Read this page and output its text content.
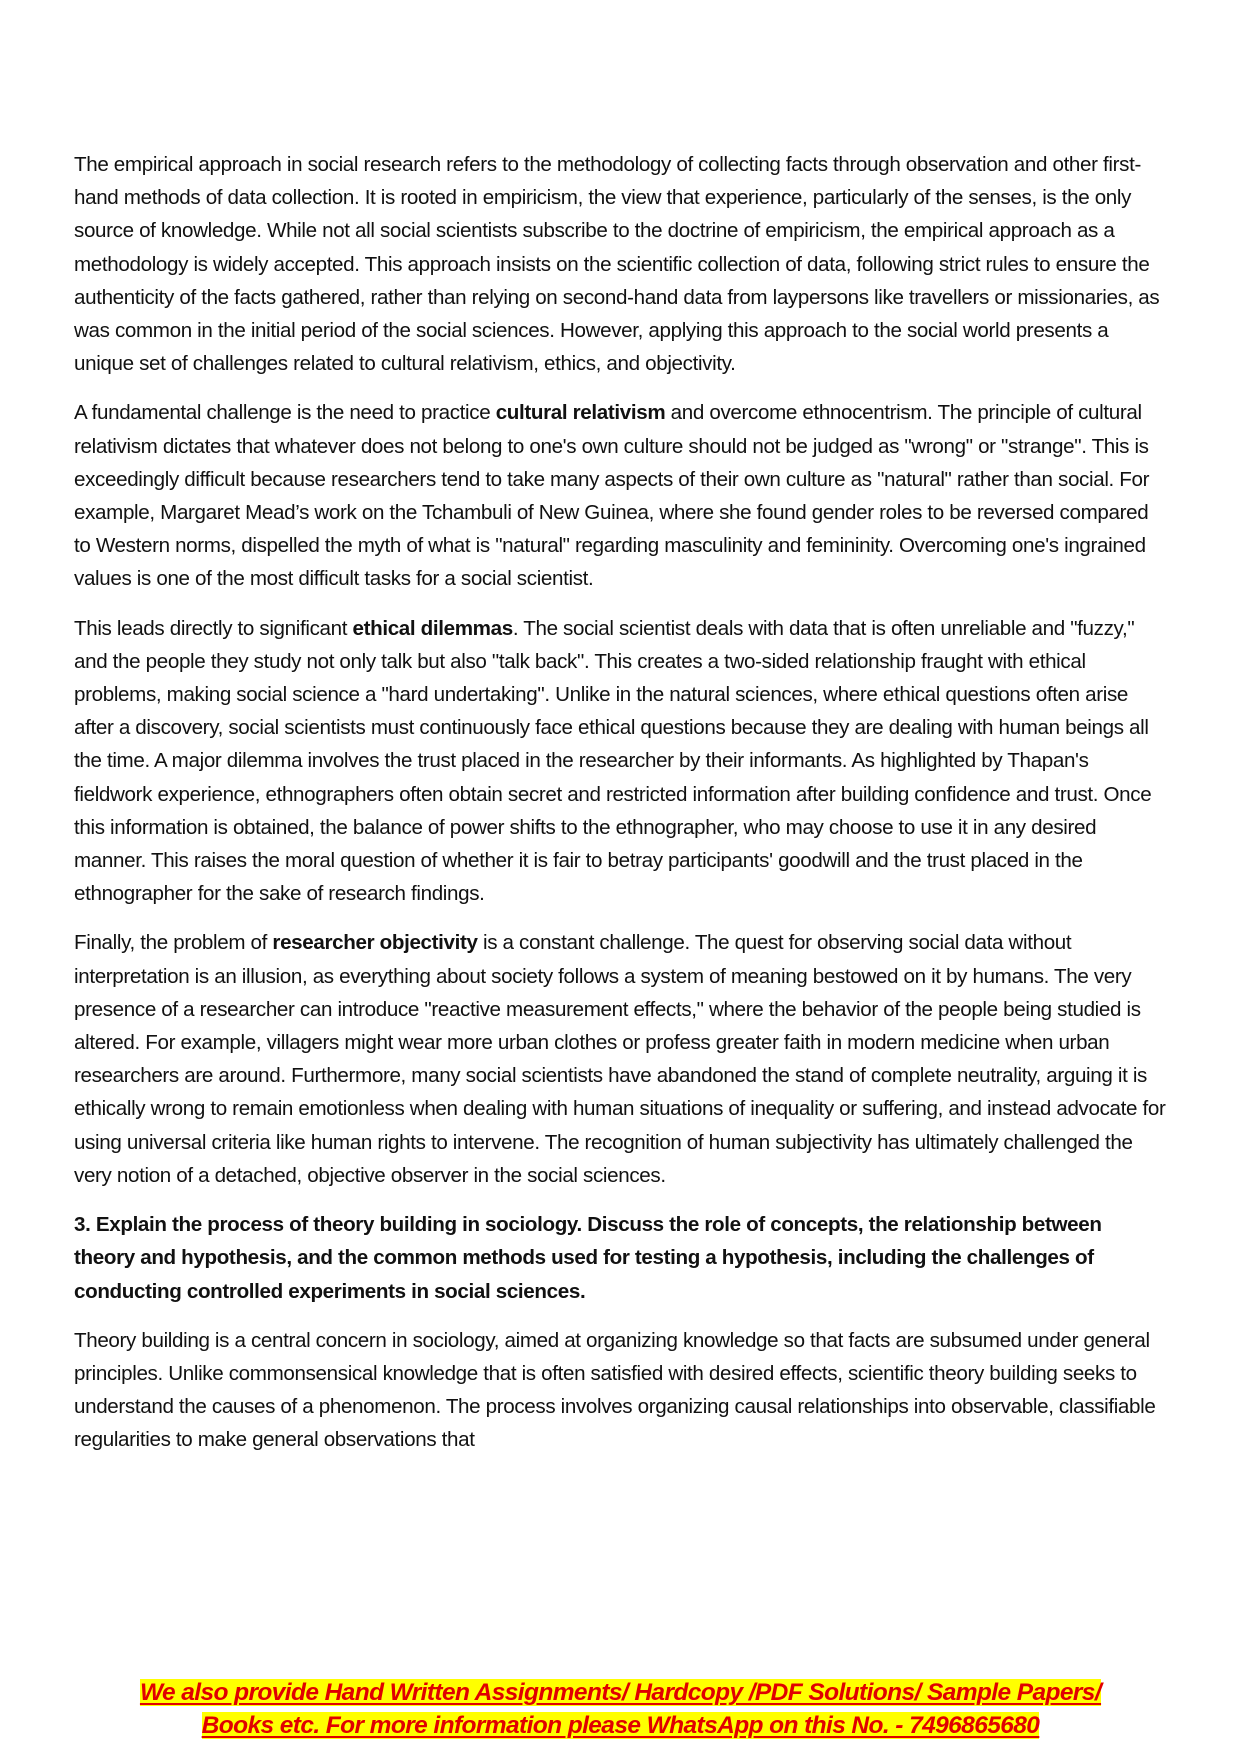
The empirical approach in social research refers to the methodology of collecting facts through observation and other first-hand methods of data collection. It is rooted in empiricism, the view that experience, particularly of the senses, is the only source of knowledge. While not all social scientists subscribe to the doctrine of empiricism, the empirical approach as a methodology is widely accepted. This approach insists on the scientific collection of data, following strict rules to ensure the authenticity of the facts gathered, rather than relying on second-hand data from laypersons like travellers or missionaries, as was common in the initial period of the social sciences. However, applying this approach to the social world presents a unique set of challenges related to cultural relativism, ethics, and objectivity.

A fundamental challenge is the need to practice cultural relativism and overcome ethnocentrism. The principle of cultural relativism dictates that whatever does not belong to one's own culture should not be judged as "wrong" or "strange". This is exceedingly difficult because researchers tend to take many aspects of their own culture as "natural" rather than social. For example, Margaret Mead’s work on the Tchambuli of New Guinea, where she found gender roles to be reversed compared to Western norms, dispelled the myth of what is "natural" regarding masculinity and femininity. Overcoming one's ingrained values is one of the most difficult tasks for a social scientist.

This leads directly to significant ethical dilemmas. The social scientist deals with data that is often unreliable and "fuzzy," and the people they study not only talk but also "talk back". This creates a two-sided relationship fraught with ethical problems, making social science a "hard undertaking". Unlike in the natural sciences, where ethical questions often arise after a discovery, social scientists must continuously face ethical questions because they are dealing with human beings all the time. A major dilemma involves the trust placed in the researcher by their informants. As highlighted by Thapan's fieldwork experience, ethnographers often obtain secret and restricted information after building confidence and trust. Once this information is obtained, the balance of power shifts to the ethnographer, who may choose to use it in any desired manner. This raises the moral question of whether it is fair to betray participants' goodwill and the trust placed in the ethnographer for the sake of research findings.

Finally, the problem of researcher objectivity is a constant challenge. The quest for observing social data without interpretation is an illusion, as everything about society follows a system of meaning bestowed on it by humans. The very presence of a researcher can introduce "reactive measurement effects," where the behavior of the people being studied is altered. For example, villagers might wear more urban clothes or profess greater faith in modern medicine when urban researchers are around. Furthermore, many social scientists have abandoned the stand of complete neutrality, arguing it is ethically wrong to remain emotionless when dealing with human situations of inequality or suffering, and instead advocate for using universal criteria like human rights to intervene. The recognition of human subjectivity has ultimately challenged the very notion of a detached, objective observer in the social sciences.

3. Explain the process of theory building in sociology. Discuss the role of concepts, the relationship between theory and hypothesis, and the common methods used for testing a hypothesis, including the challenges of conducting controlled experiments in social sciences.

Theory building is a central concern in sociology, aimed at organizing knowledge so that facts are subsumed under general principles. Unlike commonsensical knowledge that is often satisfied with desired effects, scientific theory building seeks to understand the causes of a phenomenon. The process involves organizing causal relationships into observable, classifiable regularities to make general observations that

We also provide Hand Written Assignments/ Hardcopy /PDF Solutions/ Sample Papers/
Books etc. For more information please WhatsApp on this No. - 7496865680
